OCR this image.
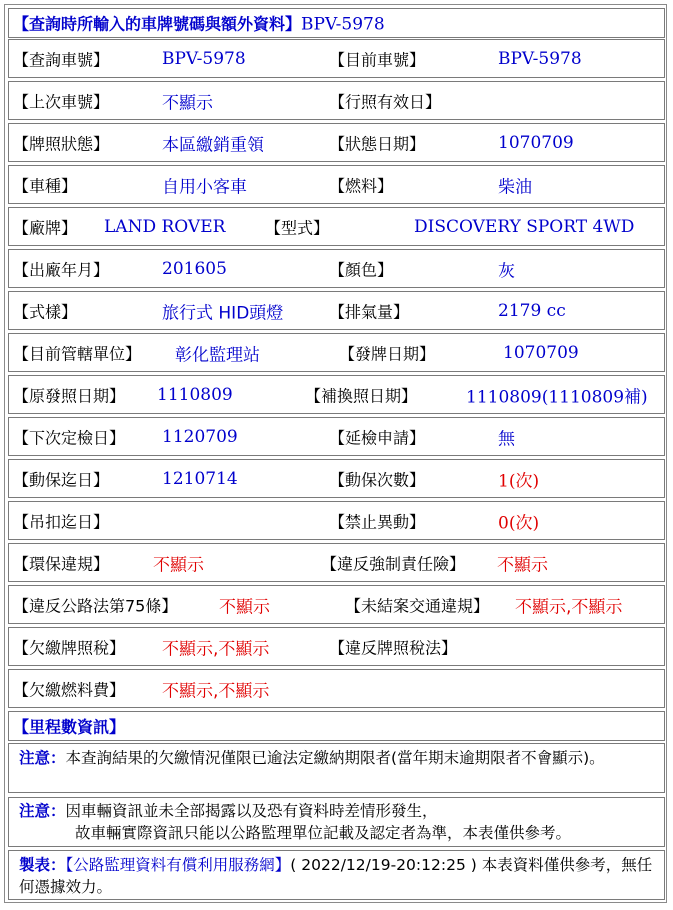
【查詢時所輸入的車牌號碼與額外資料】BPV-5978
【查詢車號】	BPV-5978	【目前車號】	BPV-5978
【上次車號】	不顯示	【行照有效日】
【牌照狀態】	本區繳銷重領	【狀態日期】	1070709
【車種】	自用小客車	【燃料】	柴油
【廠牌】 LAND ROVER 【型式】	DISCOVERY SPORT 4WD
【出廠年月】	201605	【顏色】	灰
【式樣】	旅行式 HID頭燈	【排氣量】	2179 cc
【目前管轄單位】 彰化監理站	【發牌日期】	1070709
【原發照日期】 1110809	【補換照日期】	1110809(1110809補)
【下次定檢日】 1120709	【延檢申請】	無
【動保迄日】	1210714	【動保次數】	1(次)
【吊扣迄日】	【禁止異動】	0(次)
【環保違規】	不顯示	【違反強制責任險】 不顯示
【違反公路法第75條】 不顯示	【未結案交通違規】 不顯示,不顯示
【欠繳牌照稅】 不顯示,不顯示	【違反牌照稅法】
【欠繳燃料費】 不顯示,不顯示
【里程數資訊】
注意：本查詢結果的欠繳情況僅限已逾法定繳納期限者(當年期末逾期限者不會顯示)。
注意：因車輛資訊並未全部揭露以及恐有資料時差情形發生，
故車輛實際資訊只能以公路監理單位記載及認定者為準，本表僅供參考。
製表：【公路監理資料有償利用服務網】( 2022/12/19-20:12:25 ) 本表資料僅供參考，無任何憑據效力。
